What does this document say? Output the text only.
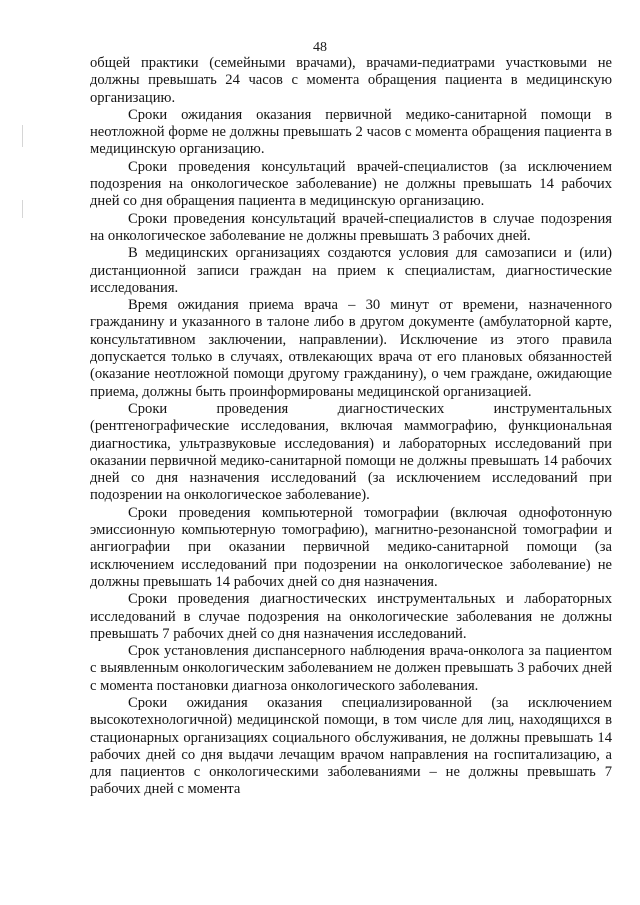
48

общей практики (семейными врачами), врачами-педиатрами участковыми не должны превышать 24 часов с момента обращения пациента в медицинскую организацию.

Сроки ожидания оказания первичной медико-санитарной помощи в неотложной форме не должны превышать 2 часов с момента обращения пациента в медицинскую организацию.

Сроки проведения консультаций врачей-специалистов (за исключением подозрения на онкологическое заболевание) не должны превышать 14 рабочих дней со дня обращения пациента в медицинскую организацию.

Сроки проведения консультаций врачей-специалистов в случае подозрения на онкологическое заболевание не должны превышать 3 рабочих дней.

В медицинских организациях создаются условия для самозаписи и (или) дистанционной записи граждан на прием к специалистам, диагностические исследования.

Время ожидания приема врача – 30 минут от времени, назначенного гражданину и указанного в талоне либо в другом документе (амбулаторной карте, консультативном заключении, направлении). Исключение из этого правила допускается только в случаях, отвлекающих врача от его плановых обязанностей (оказание неотложной помощи другому гражданину), о чем граждане, ожидающие приема, должны быть проинформированы медицинской организацией.

Сроки проведения диагностических инструментальных (рентгенографические исследования, включая маммографию, функциональная диагностика, ультразвуковые исследования) и лабораторных исследований при оказании первичной медико-санитарной помощи не должны превышать 14 рабочих дней со дня назначения исследований (за исключением исследований при подозрении на онкологическое заболевание).

Сроки проведения компьютерной томографии (включая однофотонную эмиссионную компьютерную томографию), магнитно-резонансной томографии и ангиографии при оказании первичной медико-санитарной помощи (за исключением исследований при подозрении на онкологическое заболевание) не должны превышать 14 рабочих дней со дня назначения.

Сроки проведения диагностических инструментальных и лабораторных исследований в случае подозрения на онкологические заболевания не должны превышать 7 рабочих дней со дня назначения исследований.

Срок установления диспансерного наблюдения врача-онколога за пациентом с выявленным онкологическим заболеванием не должен превышать 3 рабочих дней с момента постановки диагноза онкологического заболевания.

Сроки ожидания оказания специализированной (за исключением высокотехнологичной) медицинской помощи, в том числе для лиц, находящихся в стационарных организациях социального обслуживания, не должны превышать 14 рабочих дней со дня выдачи лечащим врачом направления на госпитализацию, а для пациентов с онкологическими заболеваниями – не должны превышать 7 рабочих дней с момента
